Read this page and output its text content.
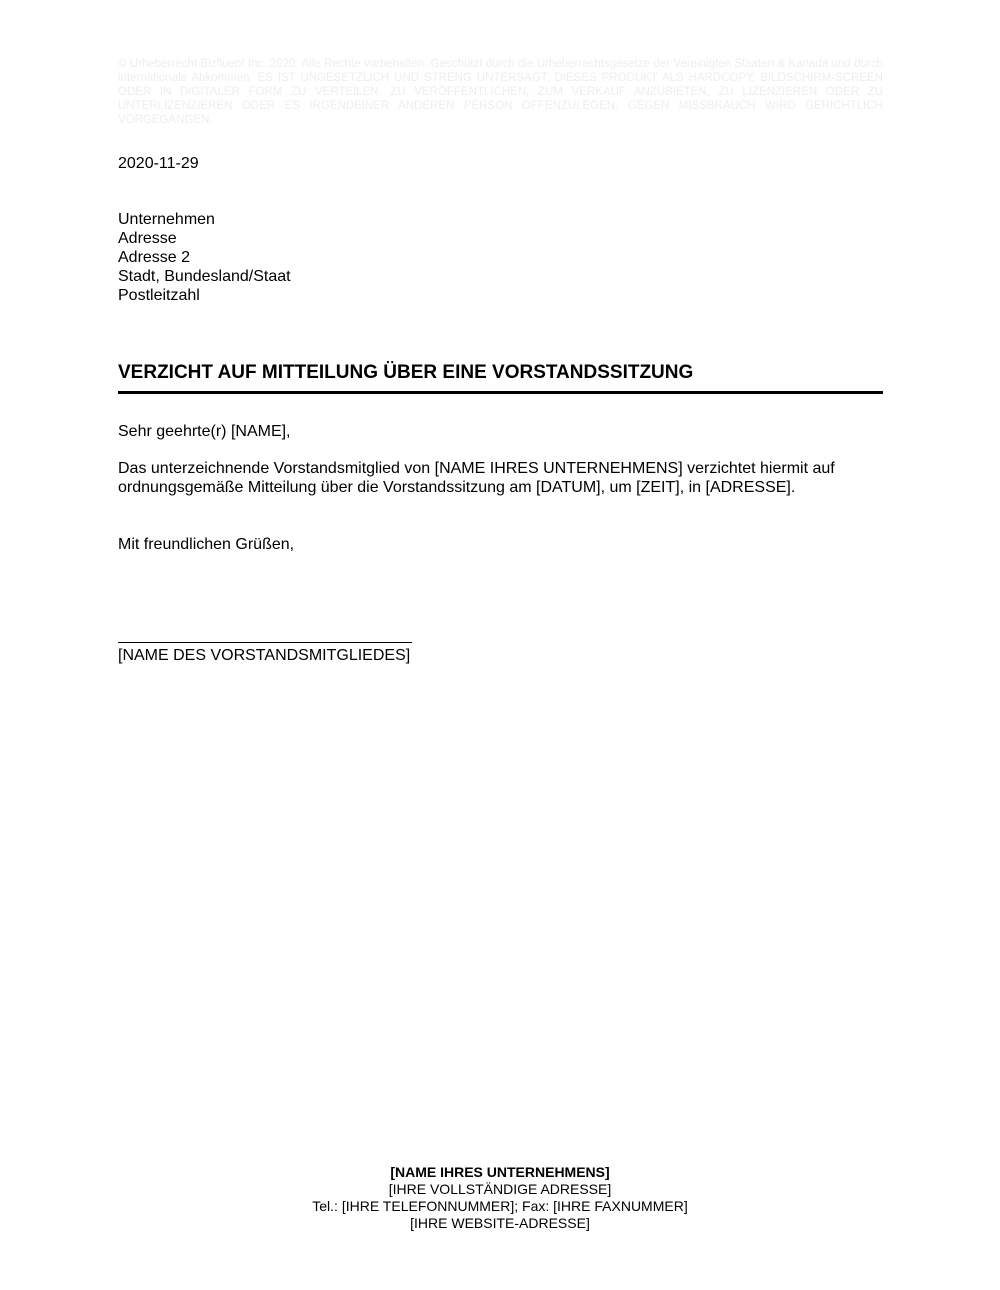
© Urheberrecht Bizfluent Inc. 2020. Alle Rechte vorbehalten. Geschützt durch die Urheberrechtsgesetze der Vereinigten Staaten & Kanada und durch internationale Abkommen. ES IST UNGESETZLICH UND STRENG UNTERSAGT, DIESES PRODUKT ALS HARDCOPY, BILDSCHIRM-SCREEN ODER IN DIGITALER FORM ZU VERTEILEN, ZU VERÖFFENTLICHEN, ZUM VERKAUF ANZUBIETEN, ZU LIZENZIEREN ODER ZU UNTERLIZENZIEREN ODER ES IRGENDEINER ANDEREN PERSON OFFENZULEGEN. GEGEN MISSBRAUCH WIRD GERICHTLICH VORGEGANGEN.
2020-11-29
Unternehmen
Adresse
Adresse 2
Stadt, Bundesland/Staat
Postleitzahl
VERZICHT AUF MITTEILUNG ÜBER EINE VORSTANDSSITZUNG
Sehr geehrte(r) [NAME],
Das unterzeichnende Vorstandsmitglied von [NAME IHRES UNTERNEHMENS] verzichtet hiermit auf ordnungsgemäße Mitteilung über die Vorstandssitzung am [DATUM], um [ZEIT], in [ADRESSE].
Mit freundlichen Grüßen,
[NAME DES VORSTANDSMITGLIEDES]
[NAME IHRES UNTERNEHMENS]
[IHRE VOLLSTÄNDIGE ADRESSE]
Tel.: [IHRE TELEFONNUMMER]; Fax: [IHRE FAXNUMMER]
[IHRE WEBSITE-ADRESSE]
